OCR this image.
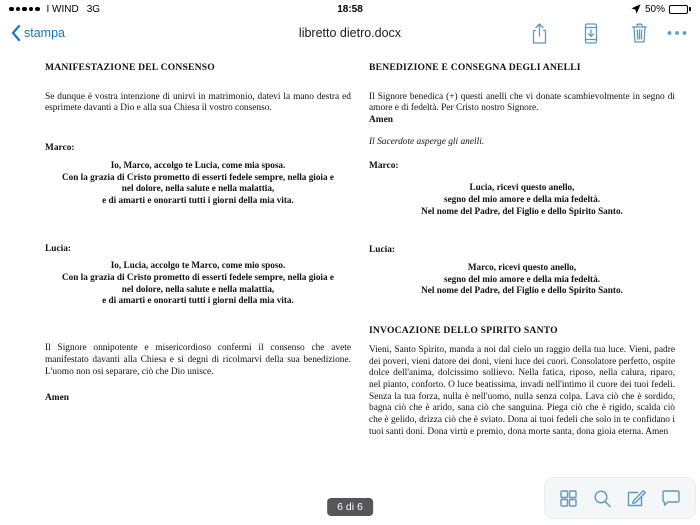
I WIND 3G	18:58	50%
stampa	libretto dietro.docx
MANIFESTAZIONE DEL CONSENSO
Se dunque è vostra intenzione di unirvi in matrimonio, datevi la mano destra ed esprimete davanti a Dio e alla sua Chiesa il vostro consenso.
Marco:
Io, Marco, accolgo te Lucia, come mia sposa.
Con la grazia di Cristo prometto di esserti fedele sempre, nella gioia e
nel dolore, nella salute e nella malattia,
e di amarti e onorarti tutti i giorni della mia vita.
Lucia:
Io, Lucia, accolgo te Marco, come mio sposo.
Con la grazia di Cristo prometto di esserti fedele sempre, nella gioia e
nel dolore, nella salute e nella malattia,
e di amarti e onorarti tutti i giorni della mia vita.
Il Signore onnipotente e misericordioso confermi il consenso che avete manifestato davanti alla Chiesa e si degni di ricolmarvi della sua benedizione. L'uomo non osi separare, ciò che Dio unisce.
Amen
BENEDIZIONE E CONSEGNA DEGLI ANELLI
Il Signore benedica (+) questi anelli che vi donate scambievolmente in segno di amore e di fedeltà. Per Cristo nostro Signore.
Amen
Il Sacerdote asperge gli anelli.
Marco:
Lucia, ricevi questo anello,
segno del mio amore e della mia fedeltà.
Nel nome del Padre, del Figlio e dello Spirito Santo.
Lucia:
Marco, ricevi questo anello,
segno del mio amore e della mia fedeltà.
Nel nome del Padre, del Figlio e dello Spirito Santo.
INVOCAZIONE DELLO SPIRITO SANTO
Vieni, Santo Spirito, manda a noi dal cielo un raggio della tua luce. Vieni, padre dei poveri, vieni datore dei doni, vieni luce dei cuori. Consolatore perfetto, ospite dolce dell'anima, dolcissimo sollievo. Nella fatica, riposo, nella calura, riparo, nel pianto, conforto. O luce beatissima, invadi nell'intimo il cuore dei tuoi fedeli. Senza la tua forza, nulla è nell'uomo, nulla senza colpa. Lava ciò che è sordido, bagna ciò che è arido, sana ciò che sanguina. Piega ciò che è rigido, scalda ciò che è gelido, drizza ciò che è sviato. Dona ai tuoi fedeli che solo in te confidano i tuoi santi doni. Dona virtù e premio, dona morte santa, dona gioia eterna. Amen
6 di 6
